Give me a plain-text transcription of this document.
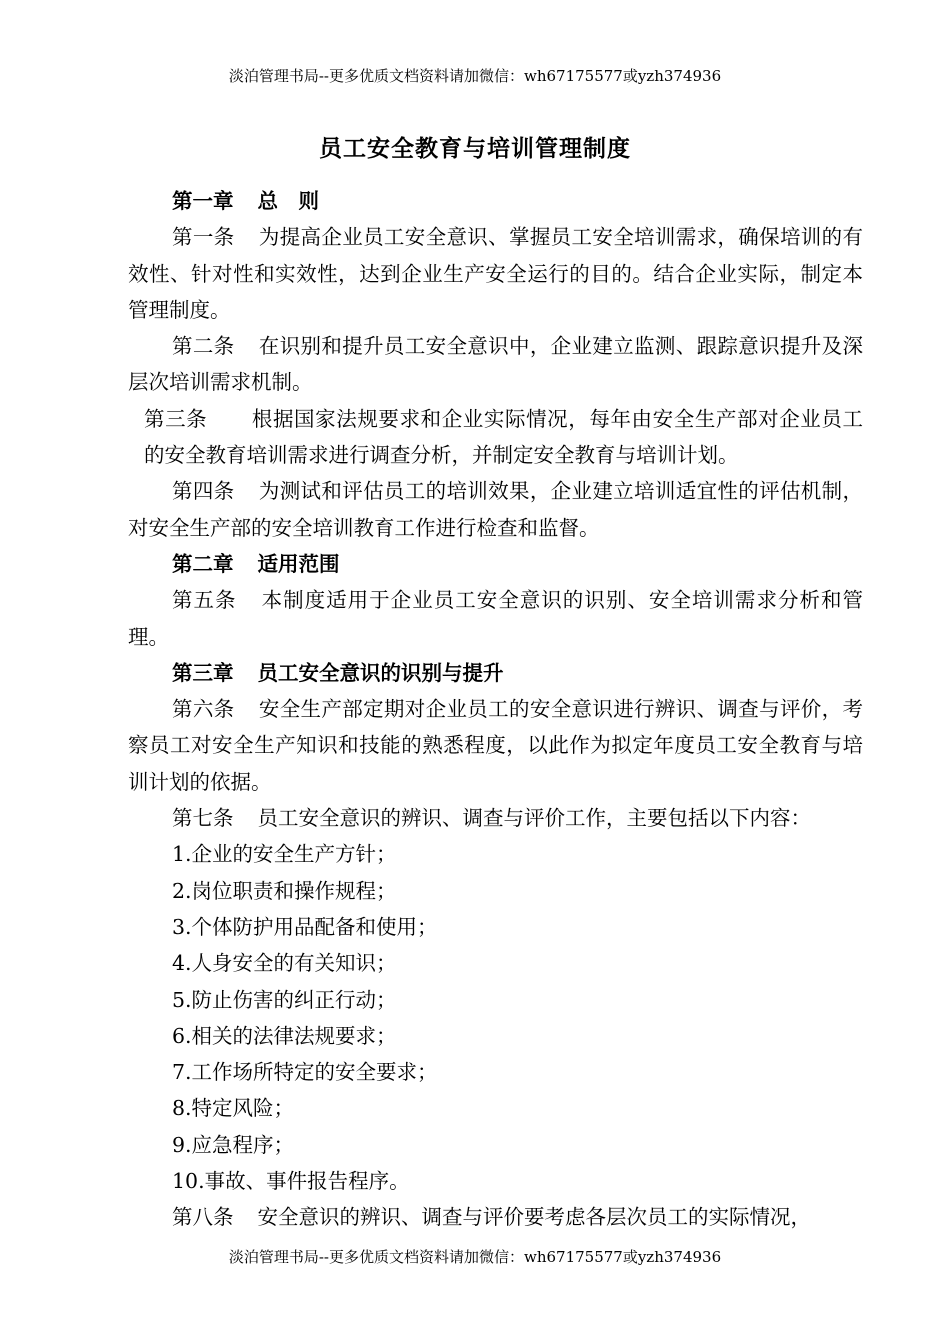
淡泊管理书局--更多优质文档资料请加微信：wh67175577或yzh374936
员工安全教育与培训管理制度

第一章 总　则

第一条 为提高企业员工安全意识、掌握员工安全培训需求，确保培训的有效性、针对性和实效性，达到企业生产安全运行的目的。结合企业实际，制定本管理制度。

第二条 在识别和提升员工安全意识中，企业建立监测、跟踪意识提升及深层次培训需求机制。

第三条 根据国家法规要求和企业实际情况，每年由安全生产部对企业员工的安全教育培训需求进行调查分析，并制定安全教育与培训计划。

第四条 为测试和评估员工的培训效果，企业建立培训适宜性的评估机制，对安全生产部的安全培训教育工作进行检查和监督。

第二章 适用范围

第五条 本制度适用于企业员工安全意识的识别、安全培训需求分析和管理。

第三章 员工安全意识的识别与提升

第六条 安全生产部定期对企业员工的安全意识进行辨识、调查与评价，考察员工对安全生产知识和技能的熟悉程度，以此作为拟定年度员工安全教育与培训计划的依据。

第七条 员工安全意识的辨识、调查与评价工作，主要包括以下内容：

1.企业的安全生产方针；

2.岗位职责和操作规程；

3.个体防护用品配备和使用；

4.人身安全的有关知识；

5.防止伤害的纠正行动；

6.相关的法律法规要求；

7.工作场所特定的安全要求；

8.特定风险；

9.应急程序；

10.事故、事件报告程序。

第八条 安全意识的辨识、调查与评价要考虑各层次员工的实际情况，

淡泊管理书局--更多优质文档资料请加微信：wh67175577或yzh374936
